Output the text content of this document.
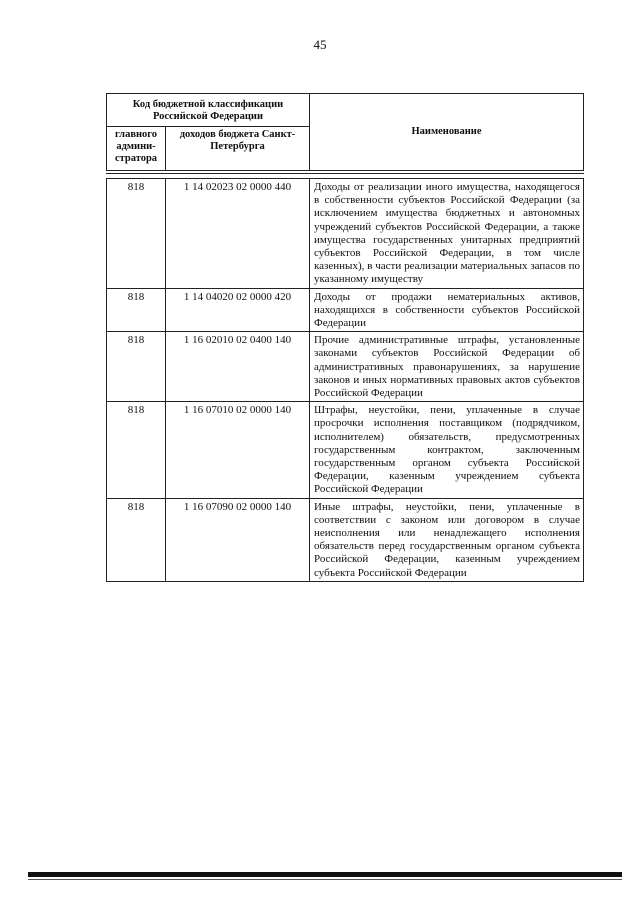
45
Код бюджетной классификации Российской Федерации		Наименование
главного админи-стратора	доходов бюджета Санкт-Петербурга	
818	1 14 02023 02 0000 440	Доходы от реализации иного имущества, находящегося в собственности субъектов Российской Федерации (за исключением имущества бюджетных и автономных учреждений субъектов Российской Федерации, а также имущества государственных унитарных предприятий субъектов Российской Федерации, в том числе казенных), в части реализации материальных запасов по указанному имуществу
818	1 14 04020 02 0000 420	Доходы от продажи нематериальных активов, находящихся в собственности субъектов Российской Федерации
818	1 16 02010 02 0400 140	Прочие административные штрафы, установленные законами субъектов Российской Федерации об административных правонарушениях, за нарушение законов и иных нормативных правовых актов субъектов Российской Федерации
818	1 16 07010 02 0000 140	Штрафы, неустойки, пени, уплаченные в случае просрочки исполнения поставщиком (подрядчиком, исполнителем) обязательств, предусмотренных государственным контрактом, заключенным государственным органом субъекта Российской Федерации, казенным учреждением субъекта Российской Федерации
818	1 16 07090 02 0000 140	Иные штрафы, неустойки, пени, уплаченные в соответствии с законом или договором в случае неисполнения или ненадлежащего исполнения обязательств перед государственным органом субъекта Российской Федерации, казенным учреждением субъекта Российской Федерации
